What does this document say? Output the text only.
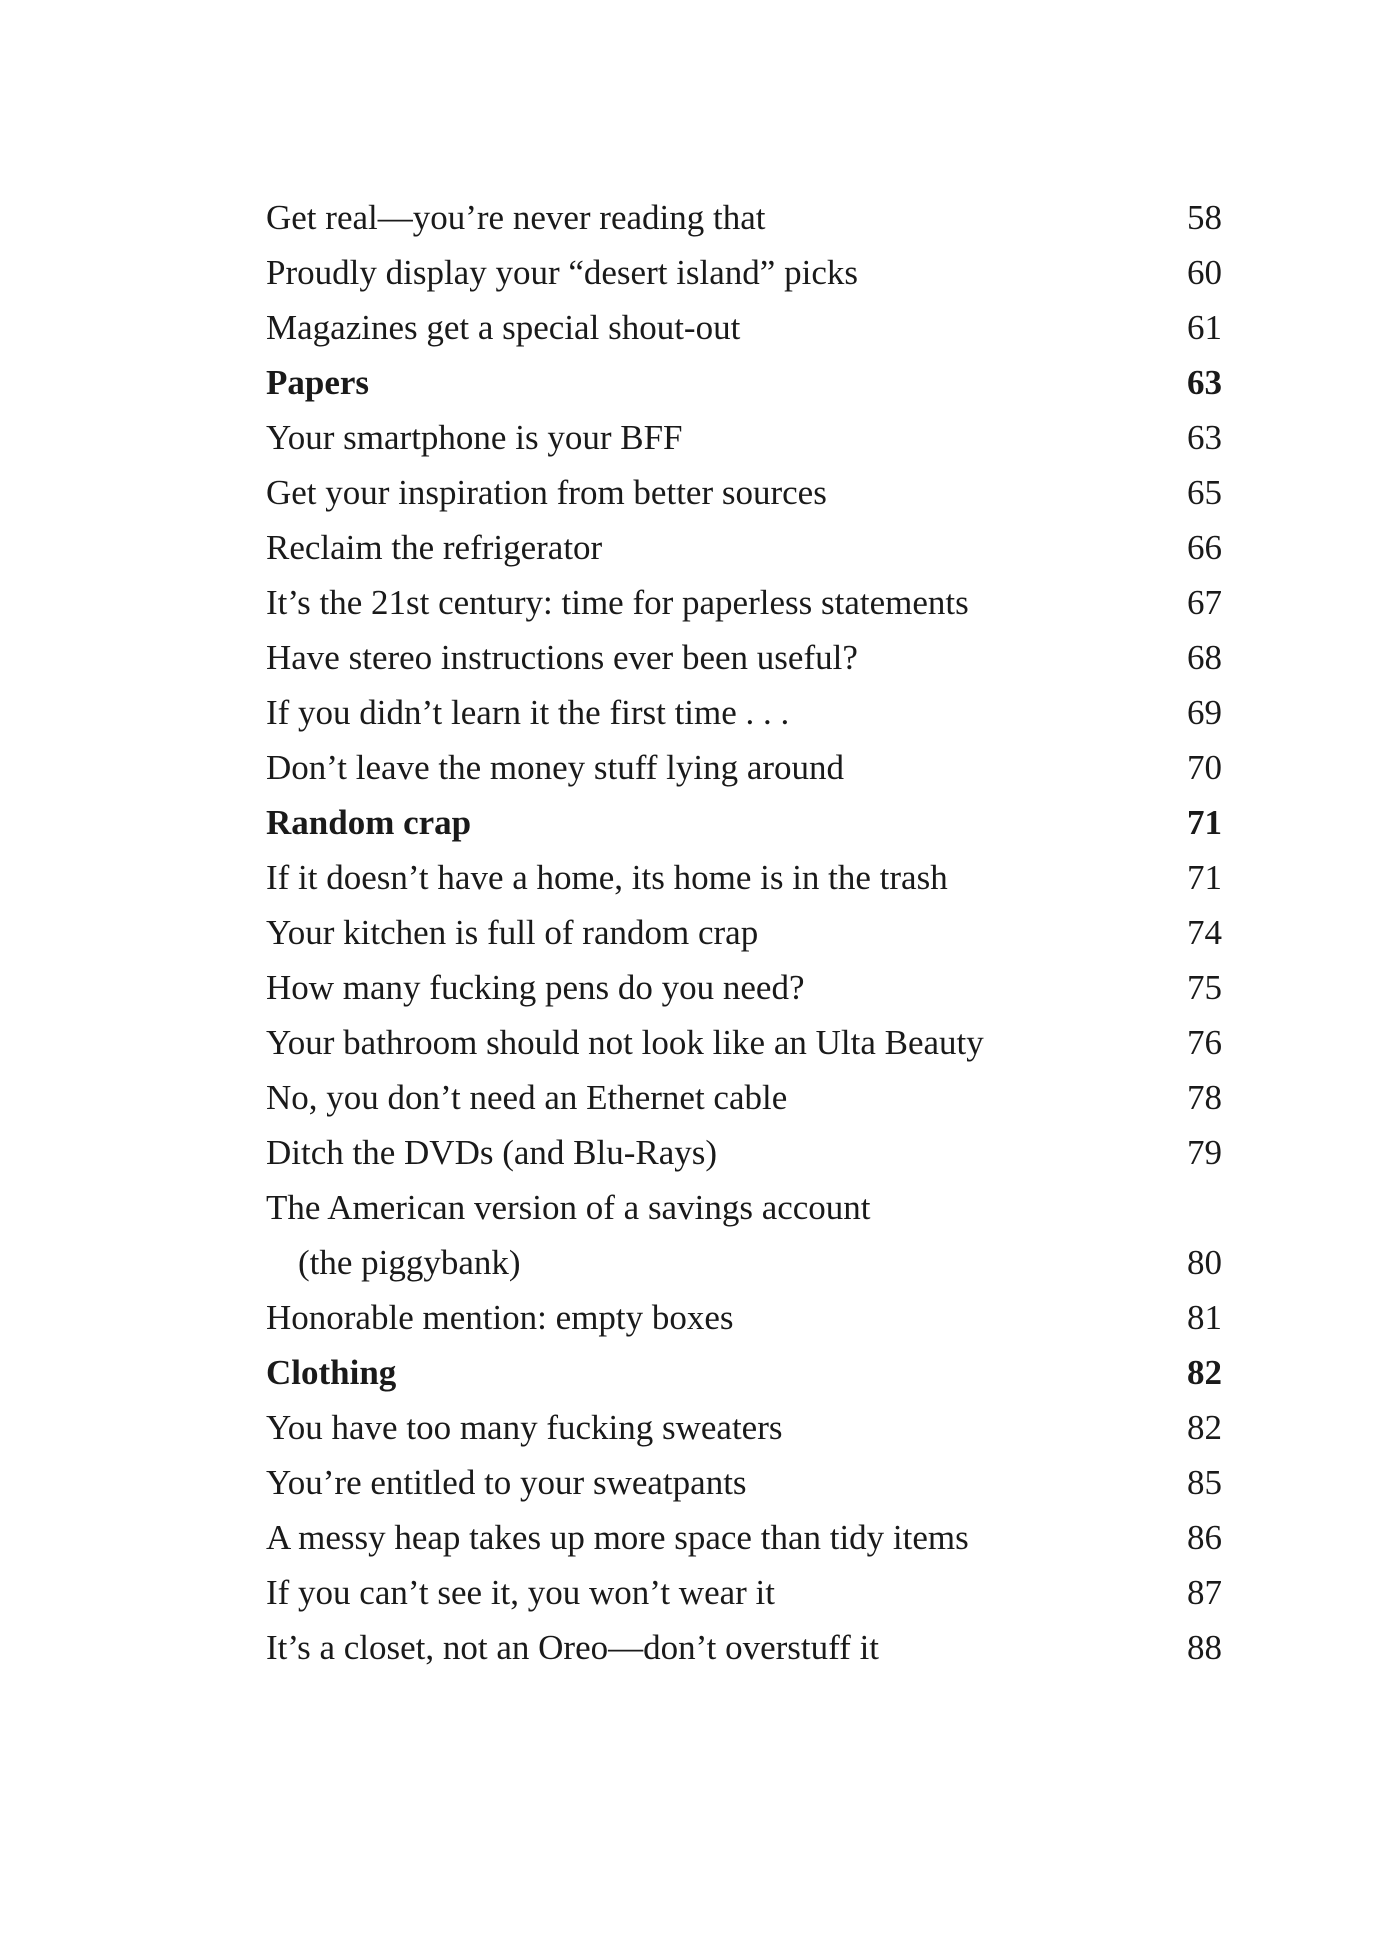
Get real—you’re never reading that	58
Proudly display your “desert island” picks	60
Magazines get a special shout-out	61
Papers	63
Your smartphone is your BFF	63
Get your inspiration from better sources	65
Reclaim the refrigerator	66
It’s the 21st century: time for paperless statements	67
Have stereo instructions ever been useful?	68
If you didn’t learn it the first time . . .	69
Don’t leave the money stuff lying around	70
Random crap	71
If it doesn’t have a home, its home is in the trash	71
Your kitchen is full of random crap	74
How many fucking pens do you need?	75
Your bathroom should not look like an Ulta Beauty	76
No, you don’t need an Ethernet cable	78
Ditch the DVDs (and Blu-Rays)	79
The American version of a savings account
(the piggybank)	80
Honorable mention: empty boxes	81
Clothing	82
You have too many fucking sweaters	82
You’re entitled to your sweatpants	85
A messy heap takes up more space than tidy items	86
If you can’t see it, you won’t wear it	87
It’s a closet, not an Oreo—don’t overstuff it	88
